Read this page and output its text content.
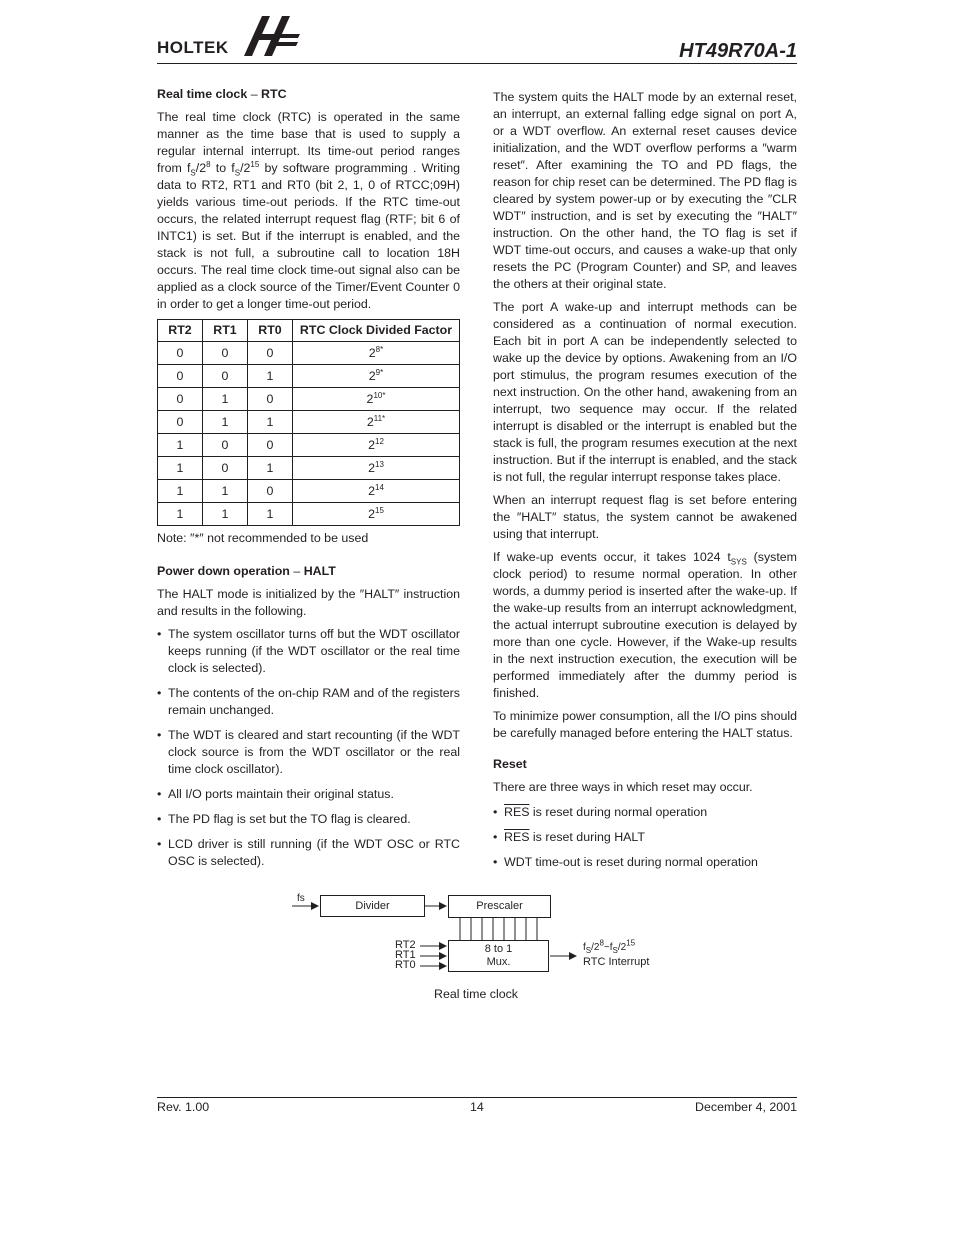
HOLTEK	HT49R70A-1
Real time clock – RTC

The real time clock (RTC) is operated in the same manner as the time base that is used to supply a regular internal interrupt. Its time-out period ranges from $f_S/2^8$ to $f_S/2^{15}$ by software programming . Writing data to RT2, RT1 and RT0 (bit 2, 1, 0 of RTCC;09H) yields various time-out periods. If the RTC time-out occurs, the related interrupt request flag (RTF; bit 6 of INTC1) is set. But if the interrupt is enabled, and the stack is not full, a subroutine call to location 18H occurs. The real time clock time-out signal also can be applied as a clock source of the Timer/Event Counter 0 in order to get a longer time-out period.

RT2	RT1	RT0	RTC Clock Divided Factor
0	0	0	$2^{8*}$
0	0	1	$2^{9*}$
0	1	0	$2^{10*}$
0	1	1	$2^{11*}$
1	0	0	$2^{12}$
1	0	1	$2^{13}$
1	1	0	$2^{14}$
1	1	1	$2^{15}$

Note: ″*″ not recommended to be used

Power down operation – HALT

The HALT mode is initialized by the ″HALT″ instruction and results in the following.

• The system oscillator turns off but the WDT oscillator keeps running (if the WDT oscillator or the real time clock is selected).
• The contents of the on-chip RAM and of the registers remain unchanged.
• The WDT is cleared and start recounting (if the WDT clock source is from the WDT oscillator or the real time clock oscillator).
• All I/O ports maintain their original status.
• The PD flag is set but the TO flag is cleared.
• LCD driver is still running (if the WDT OSC or RTC OSC is selected).

The system quits the HALT mode by an external reset, an interrupt, an external falling edge signal on port A, or a WDT overflow. An external reset causes device initialization, and the WDT overflow performs a ″warm reset″. After examining the TO and PD flags, the reason for chip reset can be determined. The PD flag is cleared by system power-up or by executing the ″CLR WDT″ instruction, and is set by executing the ″HALT″ instruction. On the other hand, the TO flag is set if WDT time-out occurs, and causes a wake-up that only resets the PC (Program Counter) and SP, and leaves the others at their original state.

The port A wake-up and interrupt methods can be considered as a continuation of normal execution. Each bit in port A can be independently selected to wake up the device by options. Awakening from an I/O port stimulus, the program resumes execution of the next instruction. On the other hand, awakening from an interrupt, two sequence may occur. If the related interrupt is disabled or the interrupt is enabled but the stack is full, the program resumes execution at the next instruction. But if the interrupt is enabled, and the stack is not full, the regular interrupt response takes place.

When an interrupt request flag is set before entering the ″HALT″ status, the system cannot be awakened using that interrupt.

If wake-up events occur, it takes 1024 $t_{SYS}$ (system clock period) to resume normal operation. In other words, a dummy period is inserted after the wake-up. If the wake-up results from an interrupt acknowledgment, the actual interrupt subroutine execution is delayed by more than one cycle. However, if the Wake-up results in the next instruction execution, the execution will be performed immediately after the dummy period is finished.

To minimize power consumption, all the I/O pins should be carefully managed before entering the HALT status.

Reset

There are three ways in which reset may occur.

• $\overline{RES}$ is reset during normal operation
• $\overline{RES}$ is reset during HALT
• WDT time-out is reset during normal operation
fs
Divider	Prescaler
8 to 1
Mux.
RT2
RT1
RT0
$f_S/2^8\sim f_S/2^{15}$
RTC Interrupt
Real time clock
Rev. 1.00	14	December 4, 2001
